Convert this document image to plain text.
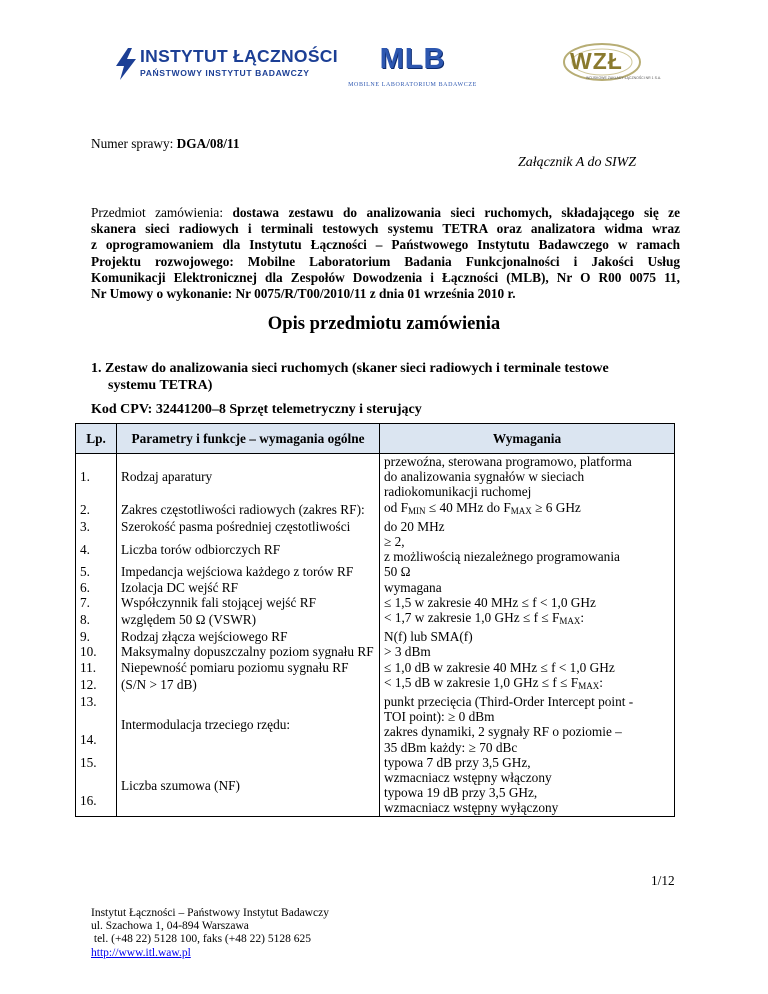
INSTYTUT ŁĄCZNOŚCI
PAŃSTWOWY INSTYTUT BADAWCZY	MLB
MOBILNE LABORATORIUM BADAWCZE
WZŁ
WOJSKOWE ZAKŁADY ŁĄCZNOŚCI NR 1 S.A.
Numer sprawy: DGA/08/11
Załącznik A do SIWZ
Przedmiot zamówienia: dostawa zestawu do analizowania sieci ruchomych, składającego się ze
skanera sieci radiowych i terminali testowych systemu TETRA oraz analizatora widma wraz
z oprogramowaniem dla Instytutu Łączności – Państwowego Instytutu Badawczego w ramach
Projektu rozwojowego: Mobilne Laboratorium Badania Funkcjonalności i Jakości Usług
Komunikacji Elektronicznej dla Zespołów Dowodzenia i Łączności (MLB), Nr O R00 0075 11,
Nr Umowy o wykonanie: Nr 0075/R/T00/2010/11 z dnia 01 września 2010 r.
Opis przedmiotu zamówienia
1. Zestaw do analizowania sieci ruchomych (skaner sieci radiowych i terminale testowe
systemu TETRA)
Kod CPV: 32441200–8 Sprzęt telemetryczny i sterujący
Lp.	Parametry i funkcje – wymagania ogólne	Wymagania
1.	Rodzaj aparatury	przewoźna, sterowana programowo, platforma
do analizowania sygnałów w sieciach
radiokomunikacji ruchomej

2.	Zakres częstotliwości radiowych (zakres RF):	od $F_{MIN} \le 40$ MHz do $F_{MAX} \ge 6$ GHz
3.	Szerokość pasma pośredniej częstotliwości	do 20 MHz
4.	Liczba torów odbiorczych RF	≥ 2,
z możliwością niezależnego programowania

5.	Impedancja wejściowa każdego z torów RF	50 Ω
6.	Izolacja DC wejść RF	wymagana
7.	Współczynnik fali stojącej wejść RF	≤ 1,5 w zakresie 40 MHz ≤ f < 1,0 GHz
8.	względem 50 Ω (VSWR)	< 1,7 w zakresie 1,0 GHz ≤ $f \le F_{MAX}$:
9.	Rodzaj złącza wejściowego RF	N(f) lub SMA(f)
10.	Maksymalny dopuszczalny poziom sygnału RF	> 3 dBm
11.	Niepewność pomiaru poziomu sygnału RF	≤ 1,0 dB w zakresie 40 MHz ≤ f < 1,0 GHz
12.	(S/N > 17 dB)	< 1,5 dB w zakresie 1,0 GHz ≤ $f \le F_{MAX}$:
13.	Intermodulacja trzeciego rzędu:	punkt przecięcia (Third-Order Intercept point -
TOI point): ≥ 0 dBm

14.		zakres dynamiki, 2 sygnały RF o poziomie –
35 dBm każdy: ≥ 70 dBc

15.	Liczba szumowa (NF)	typowa 7 dB przy 3,5 GHz,
wzmacniacz wstępny włączony

16.		typowa 19 dB przy 3,5 GHz,
wzmacniacz wstępny wyłączony
1/12
Instytut Łączności – Państwowy Instytut Badawczy
ul. Szachowa 1, 04-894 Warszawa
tel. (+48 22) 5128 100, faks (+48 22) 5128 625
http://www.itl.waw.pl
